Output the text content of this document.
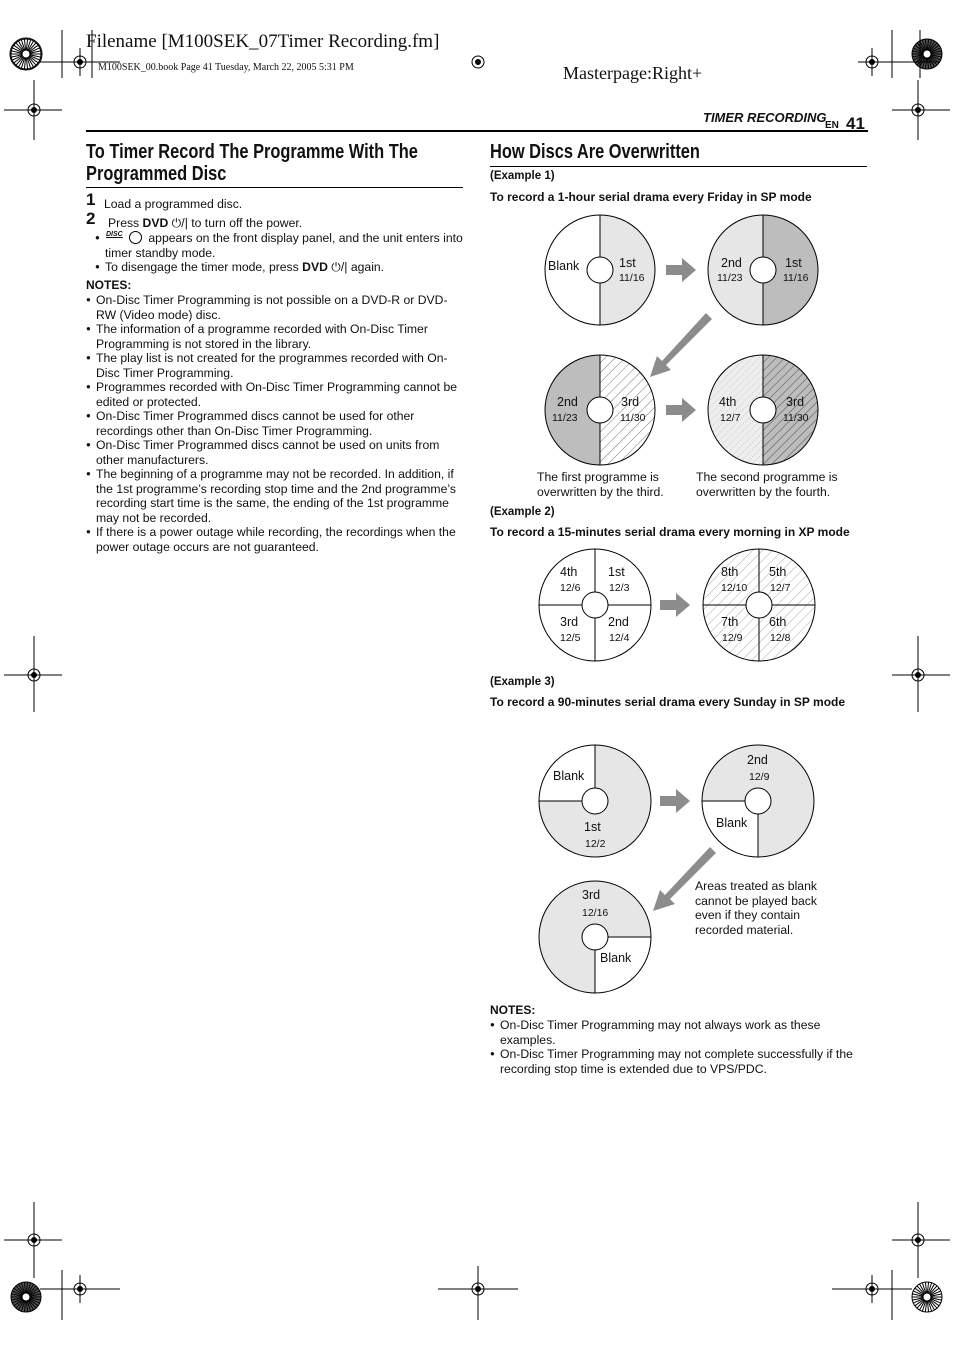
Filename [M100SEK_07Timer Recording.fm]
M100SEK_00.book Page 41 Tuesday, March 22, 2005 5:31 PM	Masterpage:Right+
TIMER RECORDING
EN 41
To Timer Record The Programme With The
Programmed Disc
1 Load a programmed disc.
2 Press DVD ⏻/| to turn off the power.
● DISC appears on the front display panel, and the unit enters into timer standby mode.
● To disengage the timer mode, press DVD ⏻/| again.
NOTES:
● On-Disc Timer Programming is not possible on a DVD-R or DVD-RW (Video mode) disc.
● The information of a programme recorded with On-Disc Timer Programming is not stored in the library.
● The play list is not created for the programmes recorded with On-Disc Timer Programming.
● Programmes recorded with On-Disc Timer Programming cannot be edited or protected.
● On-Disc Timer Programmed discs cannot be used for other recordings other than On-Disc Timer Programming.
● On-Disc Timer Programmed discs cannot be used on units from other manufacturers.
● The beginning of a programme may not be recorded. In addition, if the 1st programme’s recording stop time and the 2nd programme’s recording start time is the same, the ending of the 1st programme may not be recorded.
● If there is a power outage while recording, the recordings when the power outage occurs are not guaranteed.
How Discs Are Overwritten
(Example 1)
To record a 1-hour serial drama every Friday in SP mode
Blank	1st
11/16
2nd
11/23
1st
11/16
2nd
11/23
3rd
11/30
4th
12/7
3rd
11/30
The first programme is overwritten by the third.
The second programme is overwritten by the fourth.
(Example 2)
To record a 15-minutes serial drama every morning in XP mode
4th
12/6
1st
12/3
3rd
12/5
2nd
12/4
8th
12/10
5th
12/7
7th
12/9
6th
12/8
(Example 3)
To record a 90-minutes serial drama every Sunday in SP mode
Blank
1st
12/2
2nd
12/9
Blank
3rd
12/16
Blank
Areas treated as blank cannot be played back even if they contain recorded material.
NOTES:
● On-Disc Timer Programming may not always work as these examples.
● On-Disc Timer Programming may not complete successfully if the recording stop time is extended due to VPS/PDC.
